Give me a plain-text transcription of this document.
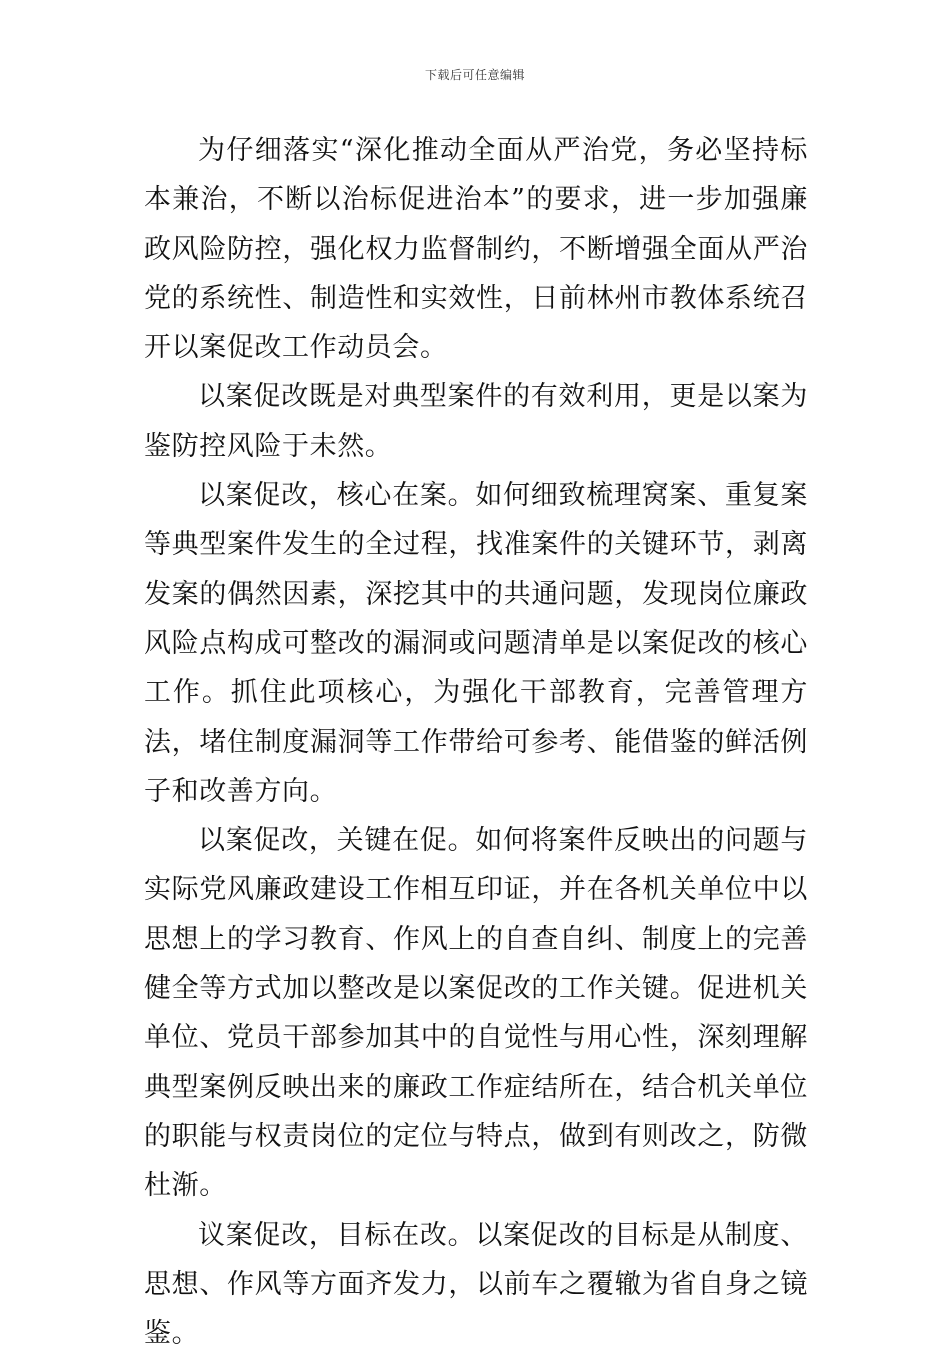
下载后可任意编辑

为仔细落实“深化推动全面从严治党，务必坚持标本兼治，不断以治标促进治本”的要求，进一步加强廉政风险防控，强化权力监督制约，不断增强全面从严治党的系统性、制造性和实效性，日前林州市教体系统召开以案促改工作动员会。

以案促改既是对典型案件的有效利用，更是以案为鉴防控风险于未然。

以案促改，核心在案。如何细致梳理窝案、重复案等典型案件发生的全过程，找准案件的关键环节，剥离发案的偶然因素，深挖其中的共通问题，发现岗位廉政风险点构成可整改的漏洞或问题清单是以案促改的核心工作。抓住此项核心，为强化干部教育，完善管理方法，堵住制度漏洞等工作带给可参考、能借鉴的鲜活例子和改善方向。

以案促改，关键在促。如何将案件反映出的问题与实际党风廉政建设工作相互印证，并在各机关单位中以思想上的学习教育、作风上的自查自纠、制度上的完善健全等方式加以整改是以案促改的工作关键。促进机关单位、党员干部参加其中的自觉性与用心性，深刻理解典型案例反映出来的廉政工作症结所在，结合机关单位的职能与权责岗位的定位与特点，做到有则改之，防微杜渐。

议案促改，目标在改。以案促改的目标是从制度、思想、作风等方面齐发力，以前车之覆辙为省自身之镜鉴。
